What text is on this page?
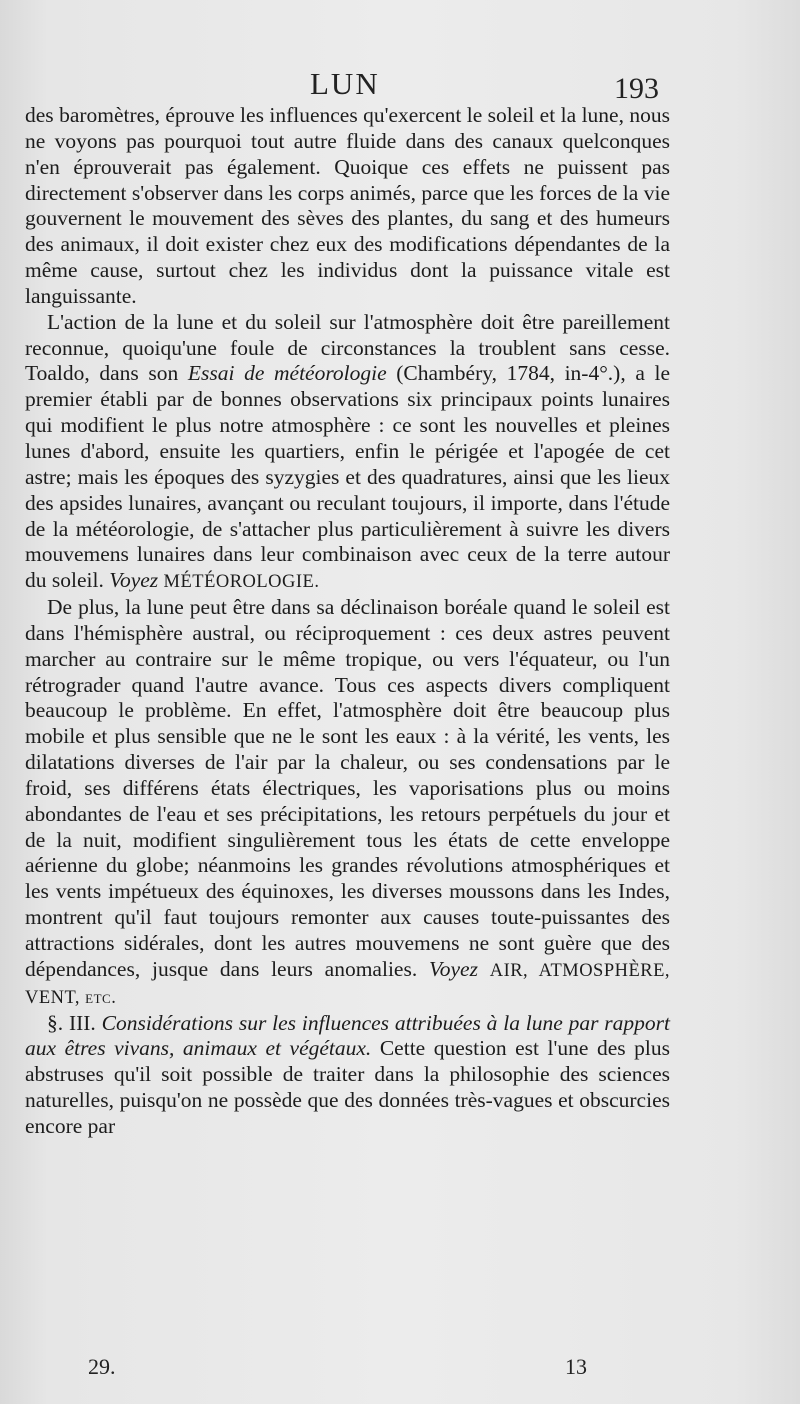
LUN	193

des baromètres, éprouve les influences qu'exercent le soleil et la lune, nous ne voyons pas pourquoi tout autre fluide dans des canaux quelconques n'en éprouverait pas également. Quoique ces effets ne puissent pas directement s'observer dans les corps animés, parce que les forces de la vie gouvernent le mouvement des sèves des plantes, du sang et des humeurs des animaux, il doit exister chez eux des modifications dépendantes de la même cause, surtout chez les individus dont la puissance vitale est languissante.

L'action de la lune et du soleil sur l'atmosphère doit être pareillement reconnue, quoiqu'une foule de circonstances la troublent sans cesse. Toaldo, dans son Essai de météorologie (Chambéry, 1784, in-4°.), a le premier établi par de bonnes observations six principaux points lunaires qui modifient le plus notre atmosphère : ce sont les nouvelles et pleines lunes d'abord, ensuite les quartiers, enfin le périgée et l'apogée de cet astre; mais les époques des syzygies et des quadratures, ainsi que les lieux des apsides lunaires, avançant ou reculant toujours, il importe, dans l'étude de la météorologie, de s'attacher plus particulièrement à suivre les divers mouvemens lunaires dans leur combinaison avec ceux de la terre autour du soleil. Voyez MÉTÉOROLOGIE.

De plus, la lune peut être dans sa déclinaison boréale quand le soleil est dans l'hémisphère austral, ou réciproquement : ces deux astres peuvent marcher au contraire sur le même tropique, ou vers l'équateur, ou l'un rétrograder quand l'autre avance. Tous ces aspects divers compliquent beaucoup le problème. En effet, l'atmosphère doit être beaucoup plus mobile et plus sensible que ne le sont les eaux : à la vérité, les vents, les dilatations diverses de l'air par la chaleur, ou ses condensations par le froid, ses différens états électriques, les vaporisations plus ou moins abondantes de l'eau et ses précipitations, les retours perpétuels du jour et de la nuit, modifient singulièrement tous les états de cette enveloppe aérienne du globe; néanmoins les grandes révolutions atmosphériques et les vents impétueux des équinoxes, les diverses moussons dans les Indes, montrent qu'il faut toujours remonter aux causes toute-puissantes des attractions sidérales, dont les autres mouvemens ne sont guère que des dépendances, jusque dans leurs anomalies. Voyez AIR, ATMOSPHÈRE, VENT, etc.

§. III. Considérations sur les influences attribuées à la lune par rapport aux êtres vivans, animaux et végétaux. Cette question est l'une des plus abstruses qu'il soit possible de traiter dans la philosophie des sciences naturelles, puisqu'on ne possède que des données très-vagues et obscurcies encore par

29.	13
